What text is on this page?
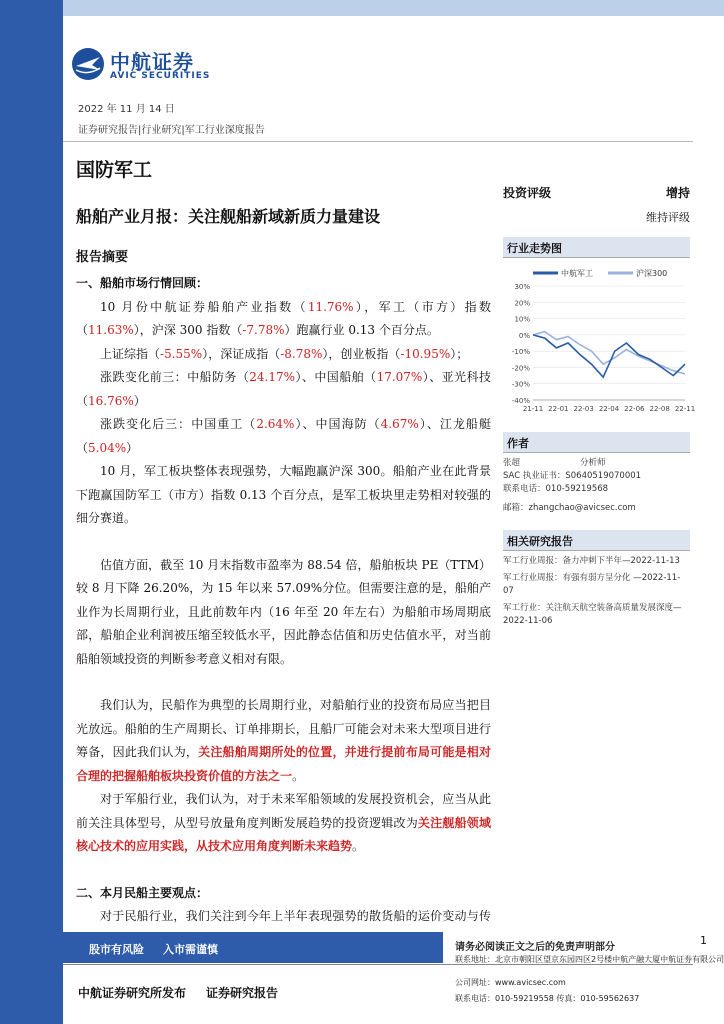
中航证券
AVIC SECURITIES
2022 年 11 月 14 日
证券研究报告|行业研究|军工行业深度报告
国防军工
船舶产业月报：关注舰船新域新质力量建设
报告摘要

一、船舶市场行情回顾：

10 月份中航证券船舶产业指数（11.76%），军工（市方）指数（11.63%），沪深 300 指数（-7.78%）跑赢行业 0.13 个百分点。

上证综指（-5.55%），深证成指（-8.78%），创业板指（-10.95%）；

涨跌变化前三：中船防务（24.17%）、中国船舶（17.07%）、亚光科技（16.76%）

涨跌变化后三：中国重工（2.64%）、中国海防（4.67%）、江龙船艇（5.04%）

10 月，军工板块整体表现强势，大幅跑赢沪深 300。船舶产业在此背景下跑赢国防军工（市方）指数 0.13 个百分点，是军工板块里走势相对较强的细分赛道。

估值方面，截至 10 月末指数市盈率为 88.54 倍，船舶板块 PE（TTM）较 8 月下降 26.20%，为 15 年以来 57.09%分位。但需要注意的是，船舶产业作为长周期行业，且此前数年内（16 年至 20 年左右）为船舶市场周期底部，船舶企业利润被压缩至较低水平，因此静态估值和历史估值水平，对当前船舶领域投资的判断参考意义相对有限。

我们认为，民船作为典型的长周期行业，对船舶行业的投资布局应当把目光放远。船舶的生产周期长、订单排期长，且船厂可能会对未来大型项目进行筹备，因此我们认为，关注船舶周期所处的位置，并进行提前布局可能是相对合理的把握船舶板块投资价值的方法之一。

对于军船行业，我们认为，对于未来军船领域的发展投资机会，应当从此前关注具体型号，从型号放量角度判断发展趋势的投资逻辑改为关注舰船领域核心技术的应用实践，从技术应用角度判断未来趋势。

二、本月民船主要观点：

对于民船行业，我们关注到今年上半年表现强势的散货船的运价变动与传

投资评级	增持
维持评级
行业走势图
中航军工	沪深300
30%
20%
10%
0%
-10%
-20%
-30%
-40%
21-11 22-01 22-03 22-04 22-06 22-08 22-11
作者
张超	分析师
SAC 执业证书：S0640519070001
联系电话：010-59219568
邮箱：zhangchao@avicsec.com
相关研究报告
军工行业周报：备力冲刺下半年—2022-11-13
军工行业周报：有强有弱方呈分化 —2022-11-07
军工行业：关注航天航空装备高质量发展深度—2022-11-06
股市有风险 入市需谨慎
1
中航证券研究所发布 证券研究报告
请务必阅读正文之后的免责声明部分
联系地址：北京市朝阳区望京东园四区2号楼中航产融大厦中航证券有限公司
公司网址：www.avicsec.com
联系电话：010-59219558 传真：010-59562637
